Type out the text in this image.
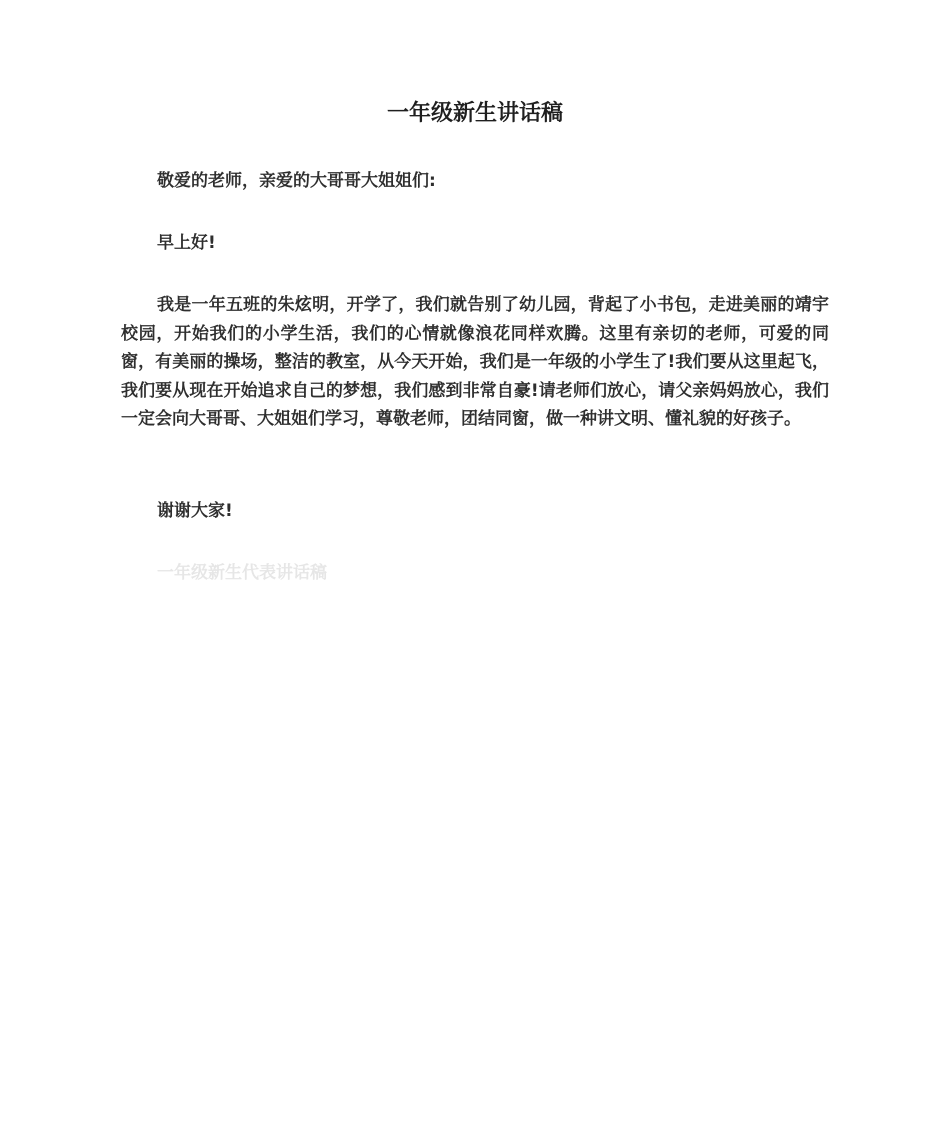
一年级新生讲话稿

敬爱的老师，亲爱的大哥哥大姐姐们:

早上好!

我是一年五班的朱炫明，开学了，我们就告别了幼儿园，背起了小书包，走进美丽的靖宇校园，开始我们的小学生活，我们的心情就像浪花同样欢腾。这里有亲切的老师，可爱的同窗，有美丽的操场，整洁的教室，从今天开始，我们是一年级的小学生了!我们要从这里起飞，我们要从现在开始追求自己的梦想，我们感到非常自豪!请老师们放心，请父亲妈妈放心，我们一定会向大哥哥、大姐姐们学习，尊敬老师，团结同窗，做一种讲文明、懂礼貌的好孩子。

谢谢大家!

一年级新生代表讲话稿
